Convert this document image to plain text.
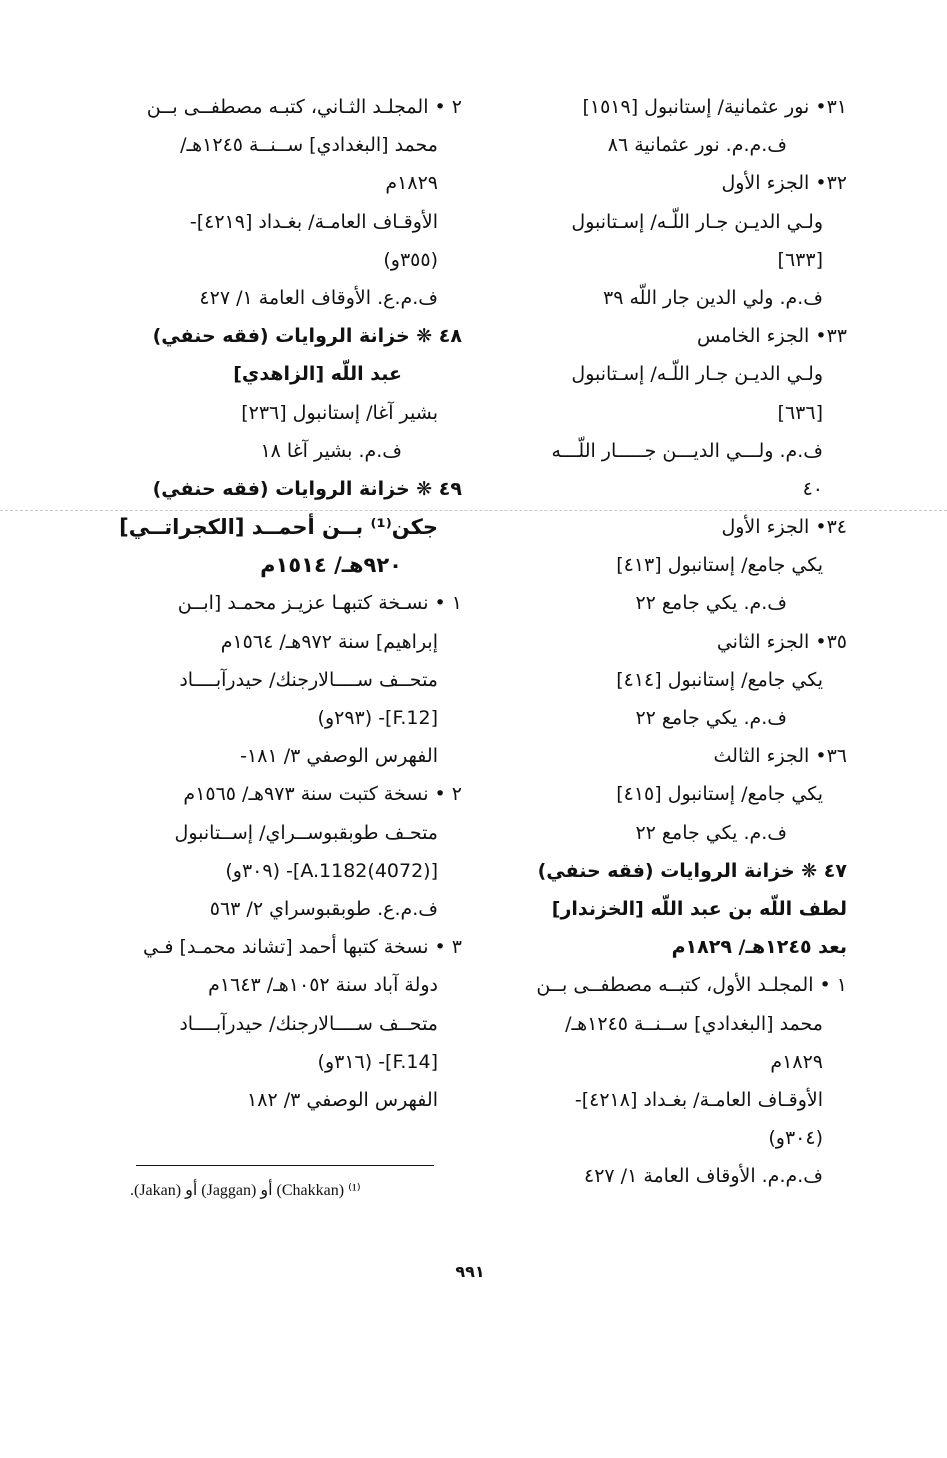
٣١• نور عثمانية/ إستانبول [١٥١٩]
ف.م.م. نور عثمانية ٨٦
٣٢• الجزء الأول
ولـي الديـن جـار اللّـه/ إسـتانبول
[٦٣٣]
ف.م. ولي الدين جار اللّه ٣٩
٣٣• الجزء الخامس
ولـي الديـن جـار اللّـه/ إسـتانبول
[٦٣٦]
ف.م. ولـــي الديـــن جـــــار اللّـــه
٤٠
٣٤• الجزء الأول
يكي جامع/ إستانبول [٤١٣]
ف.م. يكي جامع ٢٢
٣٥• الجزء الثاني
يكي جامع/ إستانبول [٤١٤]
ف.م. يكي جامع ٢٢
٣٦• الجزء الثالث
يكي جامع/ إستانبول [٤١٥]
ف.م. يكي جامع ٢٢
٤٧ ❋ خزانة الروايات (فقه حنفي)
لطف اللّه بن عبد اللّه [الخزندار]
بعد ١٢٤٥هـ/ ١٨٢٩م
١ • المجلـد الأول، كتبــه مصطفــى بــن
محمد [البغدادي] ســنــة ١٢٤٥هـ/
١٨٢٩م
الأوقـاف العامـة/ بغـداد [٤٢١٨]-
(٣٠٤و)
ف.م.م. الأوقاف العامة ١/ ٤٢٧
٢ • المجلـد الثـاني، كتبـه مصطفــى بــن
محمد [البغدادي] ســنــة ١٢٤٥هـ/
١٨٢٩م
الأوقـاف العامـة/ بغـداد [٤٢١٩]-
(٣٥٥و)
ف.م.ع. الأوقاف العامة ١/ ٤٢٧
٤٨ ❋ خزانة الروايات (فقه حنفي)
عبد اللّه [الزاهدي]
بشير آغا/ إستانبول [٢٣٦]
ف.م. بشير آغا ١٨
٤٩ ❋ خزانة الروايات (فقه حنفي)
جكن⁽¹⁾ بــن أحمــد [الكجراتــي]
٩٢٠هـ/ ١٥١٤م
١ • نسـخة كتبهـا عزيـز محمـد [ابــن
إبراهيم] سنة ٩٧٢هـ/ ١٥٦٤م
متحــف ســــالارجنك/ حيدرآبــــاد
[F.12]- (٢٩٣و)
الفهرس الوصفي ٣/ ١٨١-
٢ • نسخة كتبت سنة ٩٧٣هـ/ ١٥٦٥م
متحـف طوبقبوســراي/ إســتانبول
[(4072)A.1182]- (٣٠٩و)
ف.م.ع. طوبقبوسراي ٢/ ٥٦٣
٣ • نسخة كتبها أحمد [تشاند محمـد] فـي
دولة آباد سنة ١٠٥٢هـ/ ١٦٤٣م
متحــف ســــالارجنك/ حيدرآبــــاد
[F.14]- (٣١٦و)
الفهرس الوصفي ٣/ ١٨٢
⁽¹⁾ (Chakkan) أو (Jaggan) أو (Jakan).
٩٩١
